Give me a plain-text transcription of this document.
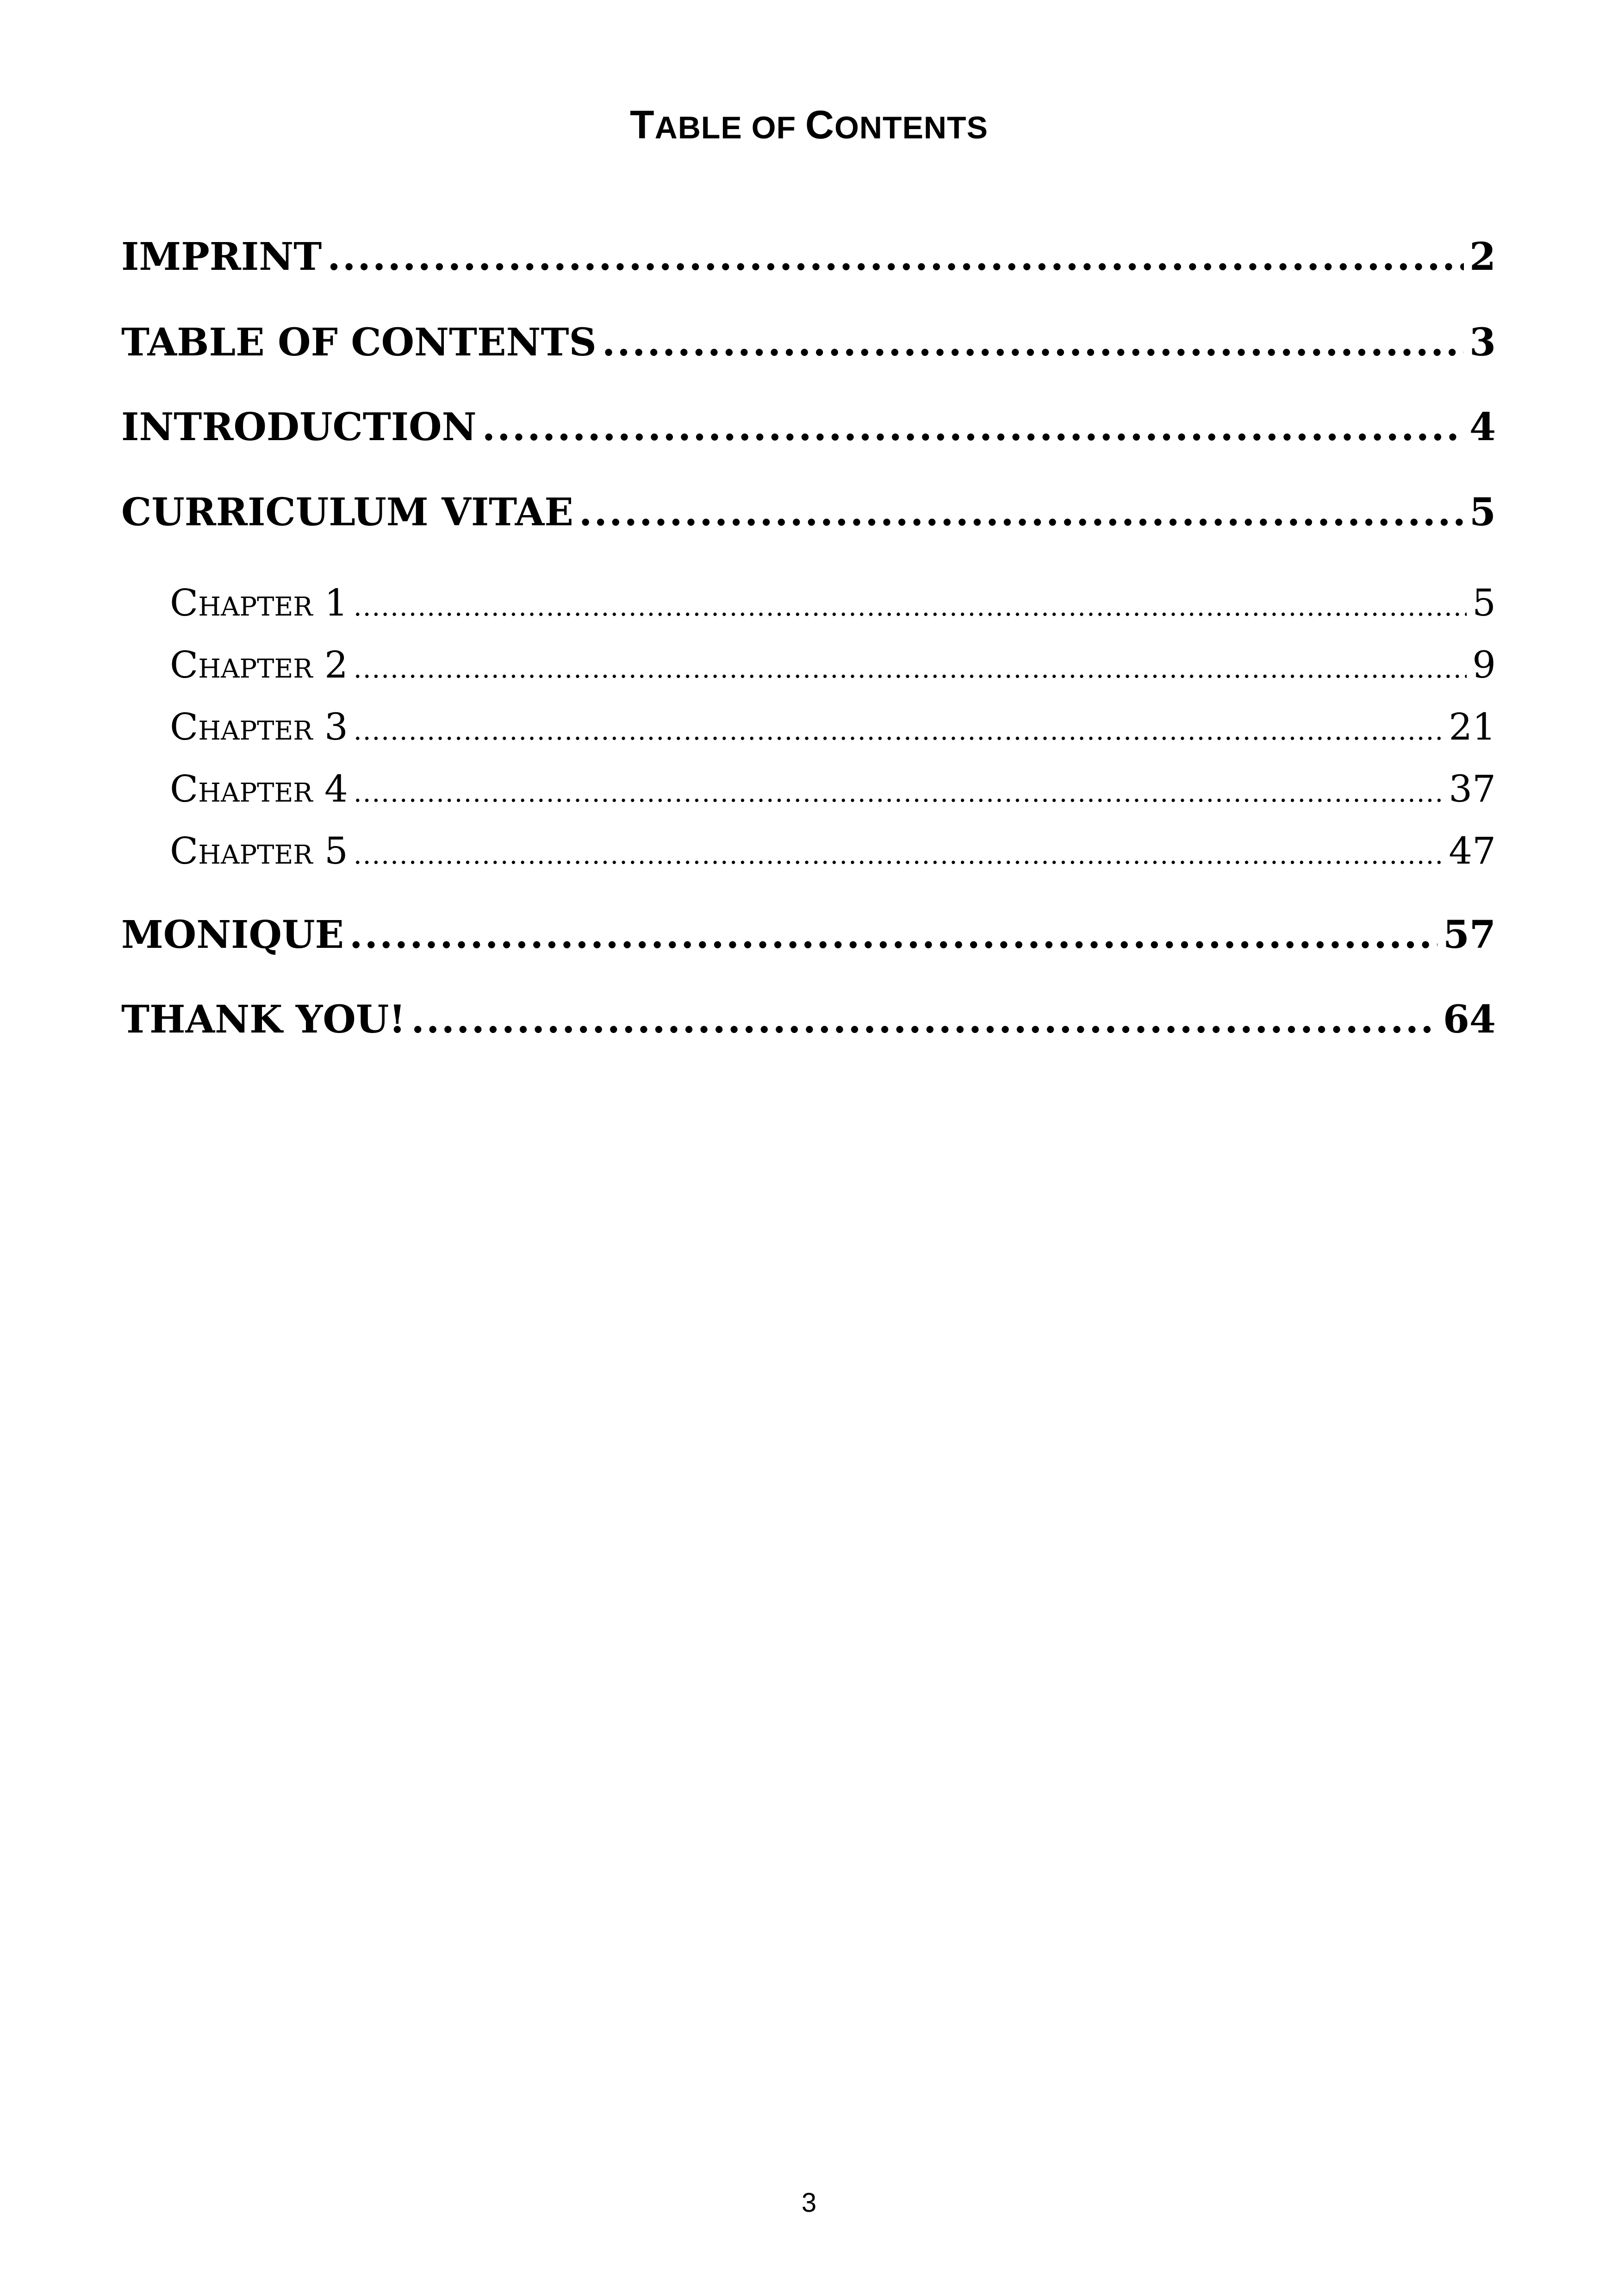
TABLE OF CONTENTS
IMPRINT .....	2
TABLE OF CONTENTS .....	3
INTRODUCTION .....	4
CURRICULUM VITAE .....	5
Chapter 1 .....	5
Chapter 2 .....	9
Chapter 3 .....	21
Chapter 4 .....	37
Chapter 5 .....	47
MONIQUE .....	57
THANK YOU! .....	64
3
